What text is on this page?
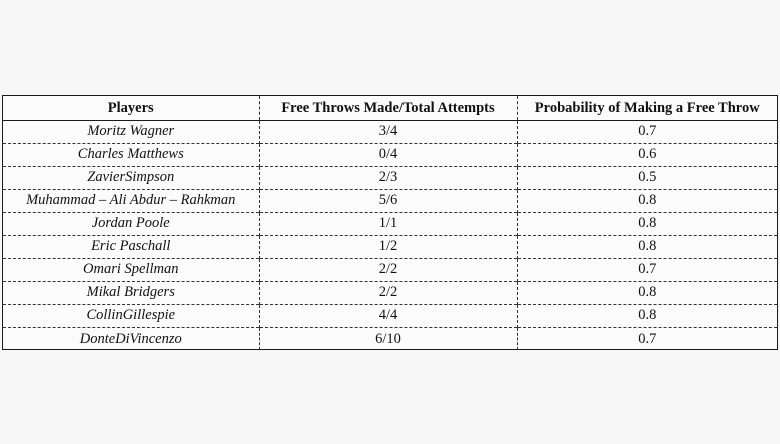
Players	Free Throws Made/Total Attempts	Probability of Making a Free Throw
Moritz Wagner	3/4	0.7
Charles Matthews	0/4	0.6
ZavierSimpson	2/3	0.5
Muhammad – Ali Abdur – Rahkman	5/6	0.8
Jordan Poole	1/1	0.8
Eric Paschall	1/2	0.8
Omari Spellman	2/2	0.7
Mikal Bridgers	2/2	0.8
CollinGillespie	4/4	0.8
DonteDiVincenzo	6/10	0.7
